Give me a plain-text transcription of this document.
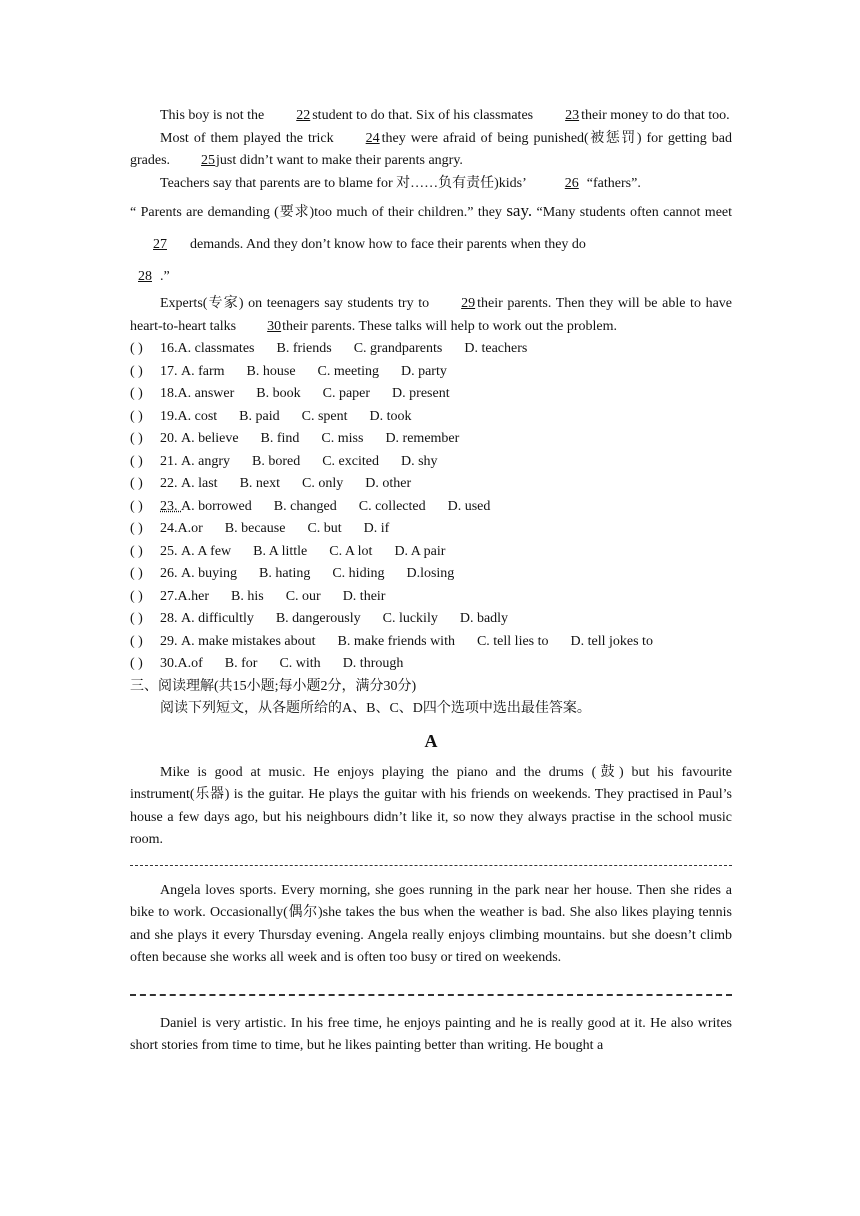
This boy is not the 22 student to do that. Six of his classmates 23 their money to do that too.
Most of them played the trick 24 they were afraid of being punished(被惩罚) for getting bad grades. 25just didn’t want to make their parents angry.
Teachers say that parents are to blame for 对……负有责任)kids’	26 “fathers”.
“ Parents are demanding (要求)too much of their children.” they say. “Many students often cannot meet27 demands. And they don’t know how to face their parents when they do
28 .”
Experts(专家) on teenagers say students try to 29 their parents. Then they will be able to have heart-to-heart talks 30their parents. These talks will help to work out the problem.
( ) 16.A. classmates B. friends C. grandparents D. teachers
( ) 17. A. farm B. house C. meeting D. party
( ) 18.A. answer B. book C. paper D. present
( ) 19.A. cost B. paid C. spent D. took
( ) 20. A. believe B. find C. miss D. remember
( ) 21. A. angry B. bored C. excited D. shy
( ) 22. A. last B. next C. only D. other
( ) 23. A. borrowed B. changed C. collected D. used
( ) 24.A.or B. because C. but D. if
( ) 25. A. A few B. A little C. A lot D. A pair
( ) 26. A. buying B. hating C. hiding D.losing
( ) 27.A.her B. his C. our D. their
( ) 28. A. difficultly B. dangerously C. luckily D. badly
( ) 29. A. make mistakes about B. make friends with C. tell lies to D. tell jokes to
( ) 30.A.of B. for C. with D. through
三、阅读理解(共15小题;每小题2分，满分30分)
阅读下列短文，从各题所给的A、B、C、D四个选项中选出最佳答案。
A
Mike is good at music. He enjoys playing the piano and the drums (鼓) but his favourite instrument(乐器) is the guitar. He plays the guitar with his friends on weekends. They practised in Paul’s house a few days ago, but his neighbours didn’t like it, so now they always practise in the school music room.
Angela loves sports. Every morning, she goes running in the park near her house. Then she rides a bike to work. Occasionally(偶尔)she takes the bus when the weather is bad. She also likes playing tennis and she plays it every Thursday evening. Angela really enjoys climbing mountains. but she doesn’t climb often because she works all week and is often too busy or tired on weekends.
Daniel is very artistic. In his free time, he enjoys painting and he is really good at it. He also writes short stories from time to time, but he likes painting better than writing. He bought a
